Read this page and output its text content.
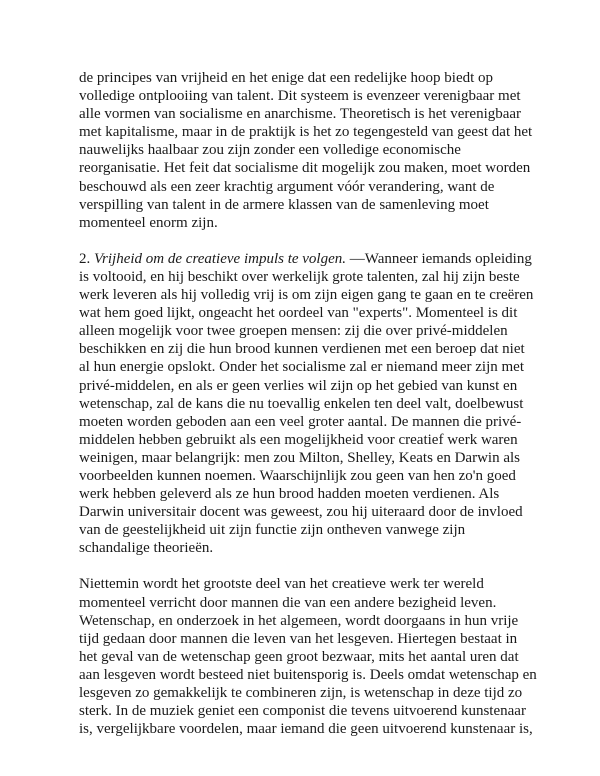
de principes van vrijheid en het enige dat een redelijke hoop biedt op
volledige ontplooiing van talent. Dit systeem is evenzeer verenigbaar met
alle vormen van socialisme en anarchisme. Theoretisch is het verenigbaar
met kapitalisme, maar in de praktijk is het zo tegengesteld van geest dat het
nauwelijks haalbaar zou zijn zonder een volledige economische
reorganisatie. Het feit dat socialisme dit mogelijk zou maken, moet worden
beschouwd als een zeer krachtig argument vóór verandering, want de
verspilling van talent in de armere klassen van de samenleving moet
momenteel enorm zijn.

2. Vrijheid om de creatieve impuls te volgen. —Wanneer iemands opleiding
is voltooid, en hij beschikt over werkelijk grote talenten, zal hij zijn beste
werk leveren als hij volledig vrij is om zijn eigen gang te gaan en te creëren
wat hem goed lijkt, ongeacht het oordeel van "experts". Momenteel is dit
alleen mogelijk voor twee groepen mensen: zij die over privé-middelen
beschikken en zij die hun brood kunnen verdienen met een beroep dat niet
al hun energie opslokt. Onder het socialisme zal er niemand meer zijn met
privé-middelen, en als er geen verlies wil zijn op het gebied van kunst en
wetenschap, zal de kans die nu toevallig enkelen ten deel valt, doelbewust
moeten worden geboden aan een veel groter aantal. De mannen die privé-
middelen hebben gebruikt als een mogelijkheid voor creatief werk waren
weinigen, maar belangrijk: men zou Milton, Shelley, Keats en Darwin als
voorbeelden kunnen noemen. Waarschijnlijk zou geen van hen zo'n goed
werk hebben geleverd als ze hun brood hadden moeten verdienen. Als
Darwin universitair docent was geweest, zou hij uiteraard door de invloed
van de geestelijkheid uit zijn functie zijn ontheven vanwege zijn
schandalige theorieën.

Niettemin wordt het grootste deel van het creatieve werk ter wereld
momenteel verricht door mannen die van een andere bezigheid leven.
Wetenschap, en onderzoek in het algemeen, wordt doorgaans in hun vrije
tijd gedaan door mannen die leven van het lesgeven. Hiertegen bestaat in
het geval van de wetenschap geen groot bezwaar, mits het aantal uren dat
aan lesgeven wordt besteed niet buitensporig is. Deels omdat wetenschap en
lesgeven zo gemakkelijk te combineren zijn, is wetenschap in deze tijd zo
sterk. In de muziek geniet een componist die tevens uitvoerend kunstenaar
is, vergelijkbare voordelen, maar iemand die geen uitvoerend kunstenaar is,
